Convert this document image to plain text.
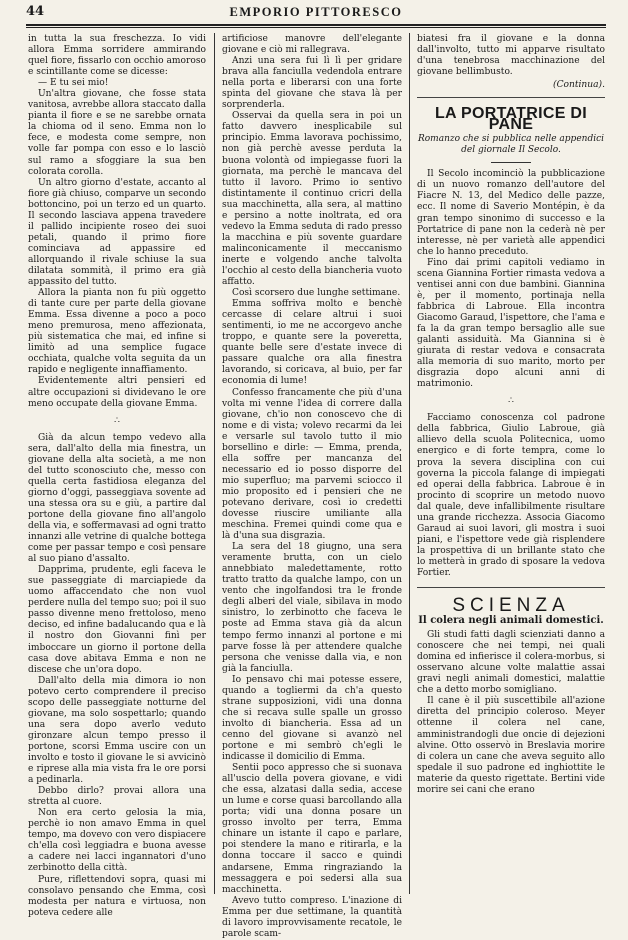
44	EMPORIO PITTORESCO

in tutta la sua freschezza. Io vidi allora Emma sorridere ammirando quel fiore, fissarlo con occhio amoroso e scintillante come se dicesse:

— E tu sei mio!

Un'altra giovane, che fosse stata vanitosa, avrebbe allora staccato dalla pianta il fiore e se ne sarebbe ornata la chioma od il seno. Emma non lo fece, e modesta come sempre, non volle far pompa con esso e lo lasciò sul ramo a sfoggiare la sua ben colorata corolla.

Un altro giorno d'estate, accanto al fiore già chiuso, comparve un secondo bottoncino, poi un terzo ed un quarto. Il secondo lasciava appena travedere il pallido incipiente roseo dei suoi petali, quando il primo fiore cominciava ad appassire ed allorquando il rivale schiuse la sua dilatata sommità, il primo era già appassito del tutto.

Allora la pianta non fu più oggetto di tante cure per parte della giovane Emma. Essa divenne a poco a poco meno premurosa, meno affezionata, più sistematica che mai, ed infine si limitò ad una semplice fugace occhiata, qualche volta seguita da un rapido e negligente innaffiamento.

Evidentemente altri pensieri ed altre occupazioni si dividevano le ore meno occupate della giovane Emma.

∴

Già da alcun tempo vedevo alla sera, dall'alto della mia finestra, un giovane della alta società, a me non del tutto sconosciuto che, messo con quella certa fastidiosa eleganza del giorno d'oggi, passeggiava sovente ad una stessa ora su e giù, a partire dal portone della giovane fino all'angolo della via, e soffermavasi ad ogni tratto innanzi alle vetrine di qualche bottega come per passar tempo e così pensare al suo piano d'assalto.

Dapprima, prudente, egli faceva le sue passeggiate di marciapiede da uomo affaccendato che non vuol perdere nulla del tempo suo; poi il suo passo divenne meno frettoloso, meno deciso, ed infine badalucando qua e là il nostro don Giovanni finì per imboccare un giorno il portone della casa dove abitava Emma e non ne discese che un'ora dopo.

Dall'alto della mia dimora io non potevo certo comprendere il preciso scopo delle passeggiate notturne del giovane, ma solo sospettarlo; quando una sera dopo averlo veduto gironzare alcun tempo presso il portone, scorsi Emma uscire con un involto e tosto il giovane le si avvicinò e riprese alla mia vista fra le ore porsi a pedinarla.

Debbo dirlo? provai allora una stretta al cuore.

Non era certo gelosia la mia, perchè io non amavo Emma in quel tempo, ma dovevo con vero dispiacere ch'ella così leggiadra e buona avesse a cadere nei lacci ingannatori d'uno zerbinotto della città.

Pure, riflettendovi sopra, quasi mi consolavo pensando che Emma, così modesta per natura e virtuosa, non poteva cedere alle

artificiose manovre dell'elegante giovane e ciò mi rallegrava.

Anzi una sera fui lì lì per gridare brava alla fanciulla vedendola entrare nella porta e liberarsi con una forte spinta del giovane che stava là per sorprenderla.

Osservai da quella sera in poi un fatto davvero inesplicabile sul principio. Emma lavorava pochissimo, non già perchè avesse perduta la buona volontà od impiegasse fuori la giornata, ma perchè le mancava del tutto il lavoro. Primo io sentivo distintamente il continuo cricri della sua macchinetta, alla sera, al mattino e persino a notte inoltrata, ed ora vedevo la Emma seduta di rado presso la macchina e più sovente guardare malinconicamente il meccanismo inerte e volgendo anche talvolta l'occhio al cesto della biancheria vuoto affatto.

Così scorsero due lunghe settimane.

Emma soffriva molto e benchè cercasse di celare altrui i suoi sentimenti, io me ne accorgevo anche troppo, e quante sere la poveretta, quante belle sere d'estate invece di passare qualche ora alla finestra lavorando, si coricava, al buio, per far economia di lume!

Confesso francamente che più d'una volta mi venne l'idea di correre dalla giovane, ch'io non conoscevo che di nome e di vista; volevo recarmi da lei e versarle sul tavolo tutto il mio borsellino e dirle: — Emma, prenda, ella soffre per mancanza del necessario ed io posso disporre del mio superfluo; ma parvemi sciocco il mio proposito ed i pensieri che ne potevano derivare, così io credetti dovesse riuscire umiliante alla meschina. Fremei quindi come qua e là d'una sua disgrazia.

La sera del 18 giugno, una sera veramente brutta, con un cielo annebbiato maledettamente, rotto tratto tratto da qualche lampo, con un vento che ingolfandosi tra le fronde degli alberi del viale, sibilava in modo sinistro, lo zerbinotto che faceva le poste ad Emma stava già da alcun tempo fermo innanzi al portone e mi parve fosse là per attendere qualche persona che venisse dalla via, e non già la fanciulla.

Io pensavo chi mai potesse essere, quando a togliermi da ch'a questo strane supposizioni, vidi una donna che si recava sulle spalle un grosso involto di biancheria. Essa ad un cenno del giovane si avanzò nel portone e mi sembrò ch'egli le indicasse il domicilio di Emma.

Sentii poco appresso che si suonava all'uscio della povera giovane, e vidi che essa, alzatasi dalla sedia, accese un lume e corse quasi barcollando alla porta; vidi una donna posare un grosso involto per terra, Emma chinare un istante il capo e parlare, poi stendere la mano e ritirarla, e la donna toccare il sacco e quindi andarsene, Emma ringraziando la messaggera e poi sedersi alla sua macchinetta.

Avevo tutto compreso. L'inazione di Emma per due settimane, la quantità di lavoro improvvisamente recatole, le parole scam-

biatesi fra il giovane e la donna dall'involto, tutto mi apparve risultato d'una tenebrosa macchinazione del giovane bellimbusto.

(Continua).
LA PORTATRICE DI PANE
Romanzo che si pubblica nelle appendici del giornale Il Secolo.

Il Secolo incominciò la pubblicazione di un nuovo romanzo dell'autore del Fiacre N. 13, del Medico delle pazze, ecc. Il nome di Saverio Montépin, è da gran tempo sinonimo di successo e la Portatrice di pane non la cederà nè per interesse, nè per varietà alle appendici che lo hanno preceduto.

Fino dai primi capitoli vediamo in scena Giannina Fortier rimasta vedova a ventisei anni con due bambini. Giannina è, per il momento, portinaja nella fabbrica di Labroue. Ella incontra Giacomo Garaud, l'ispettore, che l'ama e fa la da gran tempo bersaglio alle sue galanti assiduità. Ma Giannina si è giurata di restar vedova e consacrata alla memoria di suo marito, morto per disgrazia dopo alcuni anni di matrimonio.

∴

Facciamo conoscenza col padrone della fabbrica, Giulio Labroue, già allievo della scuola Politecnica, uomo energico e di forte tempra, come lo prova la severa disciplina con cui governa la piccola falange di impiegati ed operai della fabbrica. Labroue è in procinto di scoprire un metodo nuovo dal quale, deve infallibilmente risultare una grande ricchezza. Associa Giacomo Garaud ai suoi lavori, gli mostra i suoi piani, e l'ispettore vede già risplendere la prospettiva di un brillante stato che lo metterà in grado di sposare la vedova Fortier.

SCIENZA
Il colera negli animali domestici.

Gli studi fatti dagli scienziati danno a conoscere che nei tempi, nei quali domina ed infierisce il colera-morbus, si osservano alcune volte malattie assai gravi negli animali domestici, malattie che a detto morbo somigliano.

Il cane è il più suscettibile all'azione diretta del principio coleroso. Meyer ottenne il colera nel cane, amministrandogli due oncie di dejezioni alvine. Otto osservò in Breslavia morire di colera un cane che aveva seguito allo spedale il suo padrone ed inghiottite le materie da questo rigettate. Bertini vide morire sei cani che erano
